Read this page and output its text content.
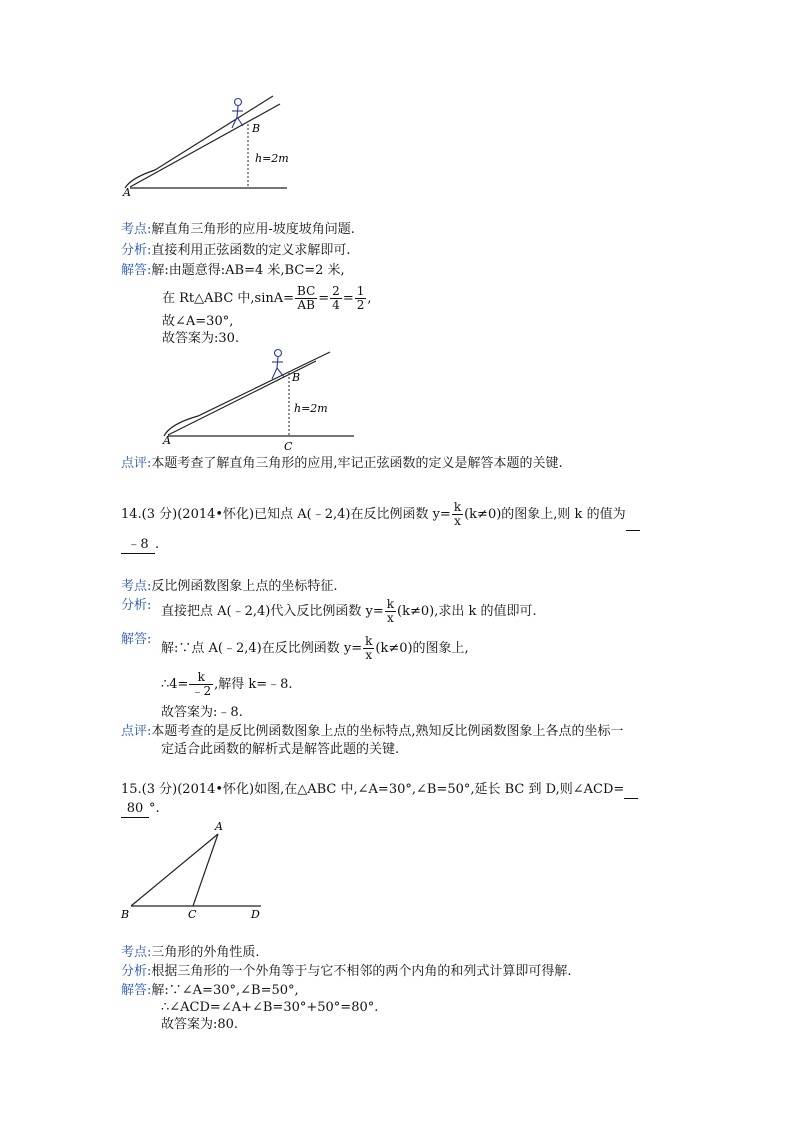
B
h=2m
A
考点:解直角三角形的应用-坡度坡角问题.
分析:直接利用正弦函数的定义求解即可.
解答:解:由题意得:AB=4 米,BC=2 米,
在 Rt△ABC 中$,\sin A= \frac{BC}{AB} = \frac{2}{4} = \frac{1}{2}$ ,
故∠A=30°,
故答案为:30.
B
h=2m
A	C
点评:本题考查了解直角三角形的应用,牢记正弦函数的定义是解答本题的关键.
14.(3 分)(2014•怀化)已知点 A(﹣2,4)在反比例函数 $y= \frac{k}{x} (k\ne 0)$的图象上,则 k 的值为
﹣8 .
考点:反比例函数图象上点的坐标特征.
分析: 直接把点 A(﹣2,4)代入反比例函数 $y= \frac{k}{x} (k\ne 0)$,求出 k 的值即可.
解答:
解:∵点 A(﹣2,4)在反比例函数 $y= \frac{k}{x} (k\ne 0)$的图象上,
∴4= $\frac{k}{﹣2}$ ,解得 k=﹣8.
故答案为:﹣8.
点评:本题考查的是反比例函数图象上点的坐标特点,熟知反比例函数图象上各点的坐标一
定适合此函数的解析式是解答此题的关键.
15.(3 分)(2014•怀化)如图,在△ABC 中,∠A=30°,∠B=50°,延长 BC 到 D,则∠ACD=
80 °.
A
B	C	D
考点:三角形的外角性质.
分析:根据三角形的一个外角等于与它不相邻的两个内角的和列式计算即可得解.
解答:解:∵∠A=30°,∠B=50°,
∴∠ACD=∠A+∠B=30°+50°=80°.
故答案为:80.
